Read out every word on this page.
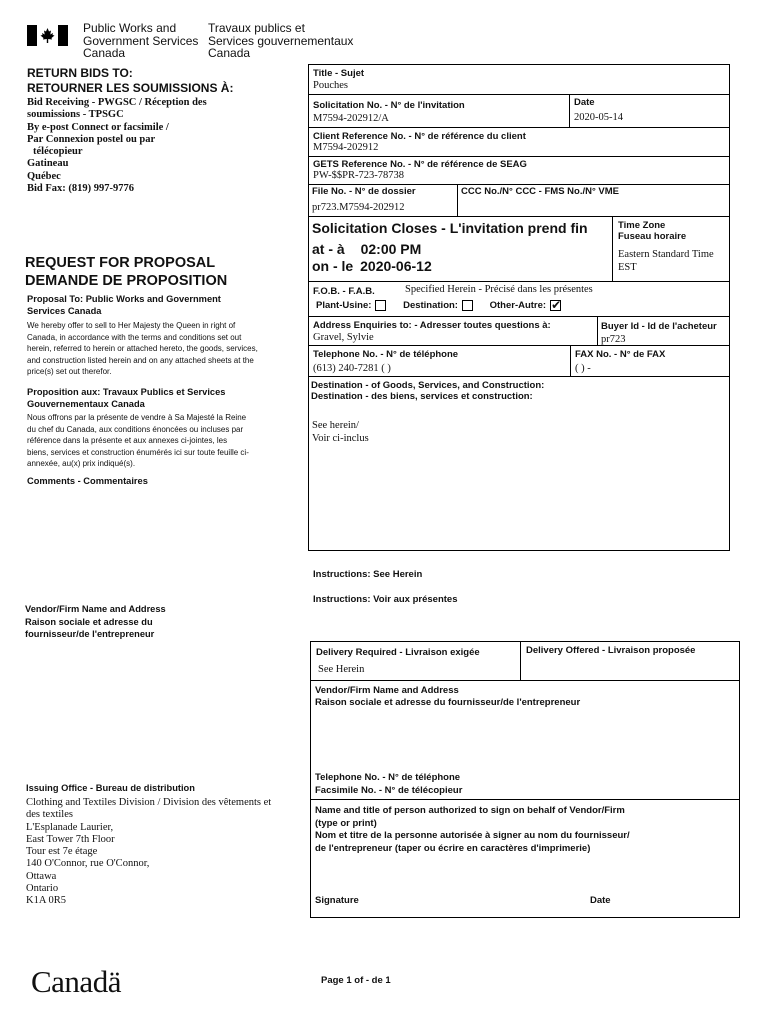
Public Works and
Government Services
Canada
Travaux publics et
Services gouvernementaux
Canada
RETURN BIDS TO:
RETOURNER LES SOUMISSIONS À:
Bid Receiving - PWGSC / Réception des
soumissions - TPSGC
By e-post Connect or facsimile /
Par Connexion postel ou par
télécopieur
Gatineau
Québec
Bid Fax: (819) 997-9776
REQUEST FOR PROPOSAL
DEMANDE DE PROPOSITION
Proposal To: Public Works and Government Services Canada
We hereby offer to sell to Her Majesty the Queen in right of Canada, in accordance with the terms and conditions set out herein, referred to herein or attached hereto, the goods, services, and construction listed herein and on any attached sheets at the price(s) set out therefor.
Proposition aux: Travaux Publics et Services Gouvernementaux Canada
Nous offrons par la présente de vendre à Sa Majesté la Reine du chef du Canada, aux conditions énoncées ou incluses par référence dans la présente et aux annexes ci-jointes, les biens, services et construction énumérés ici sur toute feuille ci-annexée, au(x) prix indiqué(s).
Comments - Commentaires
Vendor/Firm Name and Address
Raison sociale et adresse du
fournisseur/de l'entrepreneur
Issuing Office - Bureau de distribution
Clothing and Textiles Division / Division des vêtements et
des textiles
L'Esplanade Laurier,
East Tower 7th Floor
Tour est 7e étage
140 O'Connor, rue O'Connor,
Ottawa
Ontario
K1A 0R5
Title - Sujet
Pouches
Solicitation No. - N° de l'invitation
M7594-202912/A
Date
2020-05-14
Client Reference No. - N° de référence du client
M7594-202912
GETS Reference No. - N° de référence de SEAG
PW-$$PR-723-78738
File No. - N° de dossier
pr723.M7594-202912
CCC No./N° CCC - FMS No./N° VME
Solicitation Closes - L'invitation prend fin
at - à 02:00 PM
on - le 2020-06-12
Time Zone
Fuseau horaire
Eastern Standard Time
EST
F.O.B. - F.A.B.	Specified Herein - Précisé dans les présentes
Plant-Usine:	Destination:	Other-Autre: ✔
Address Enquiries to: - Adresser toutes questions à:
Gravel, Sylvie
Buyer Id - Id de l'acheteur
pr723
Telephone No. - N° de téléphone
(613) 240-7281 ( )
FAX No. - N° de FAX
( ) -
Destination - of Goods, Services, and Construction:
Destination - des biens, services et construction:
See herein/
Voir ci-inclus
Instructions: See Herein
Instructions: Voir aux présentes
Delivery Required - Livraison exigée
See Herein
Delivery Offered - Livraison proposée
Vendor/Firm Name and Address
Raison sociale et adresse du fournisseur/de l'entrepreneur
Telephone No. - N° de téléphone
Facsimile No. - N° de télécopieur
Name and title of person authorized to sign on behalf of Vendor/Firm
(type or print)
Nom et titre de la personne autorisée à signer au nom du fournisseur/
de l'entrepreneur (taper ou écrire en caractères d'imprimerie)
Signature	Date
Canadä	Page 1 of - de 1
